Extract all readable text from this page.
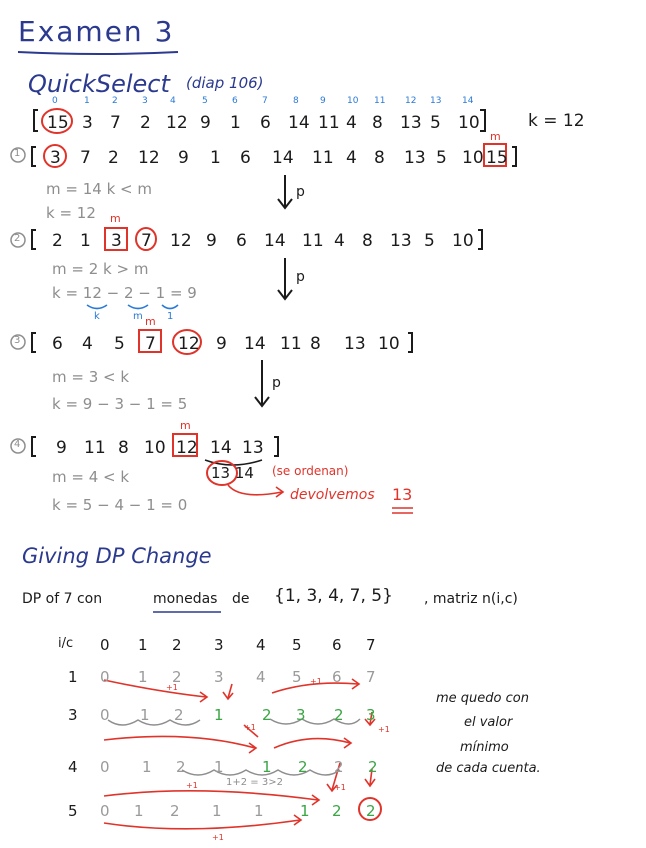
Examen 3
QuickSelect (diap 106)
0	1 2	3 4	5	6	7	8 9 10 11 12 13 14
15 3 7 2 12 9 1 6 14 11 4 8 13 5 10	k = 12
1
m
3 7 2 12 9 1 6 14 11 4 8 13 5 10 15
m = 14 k < m
k = 12
p
2
m
2 1 3 7 12 9 6 14 11 4 8 13 5 10
m = 2 k > m
k = 12 − 2 − 1 = 9
k	m 1
p
3
m
6 4 5 7 12 9 14 11 8 13 10
m = 3 < k
k = 9 − 3 − 1 = 5
p
4
m
9 11 8 10 12 14 13
m = 4 < k
k = 5 − 4 − 1 = 0
13 14 (se ordenan)
devolvemos 13
Giving DP Change
DP of 7 con	monedas de {1, 3, 4, 7, 5} , matriz n(i,c)
i/c 0 1 2 3 4 5 6 7
1 0 1 2 3 4 5 6 7
3 0 1 2 1	2 3 2 3
4 0 1 2 1	1 2 2 2
5 0 1 2 1 1 1 2 2
+1
+1
+1	+1
+1	+1
+1
1+2 = 3>2
me quedo con
el valor
mínimo
de cada cuenta.
